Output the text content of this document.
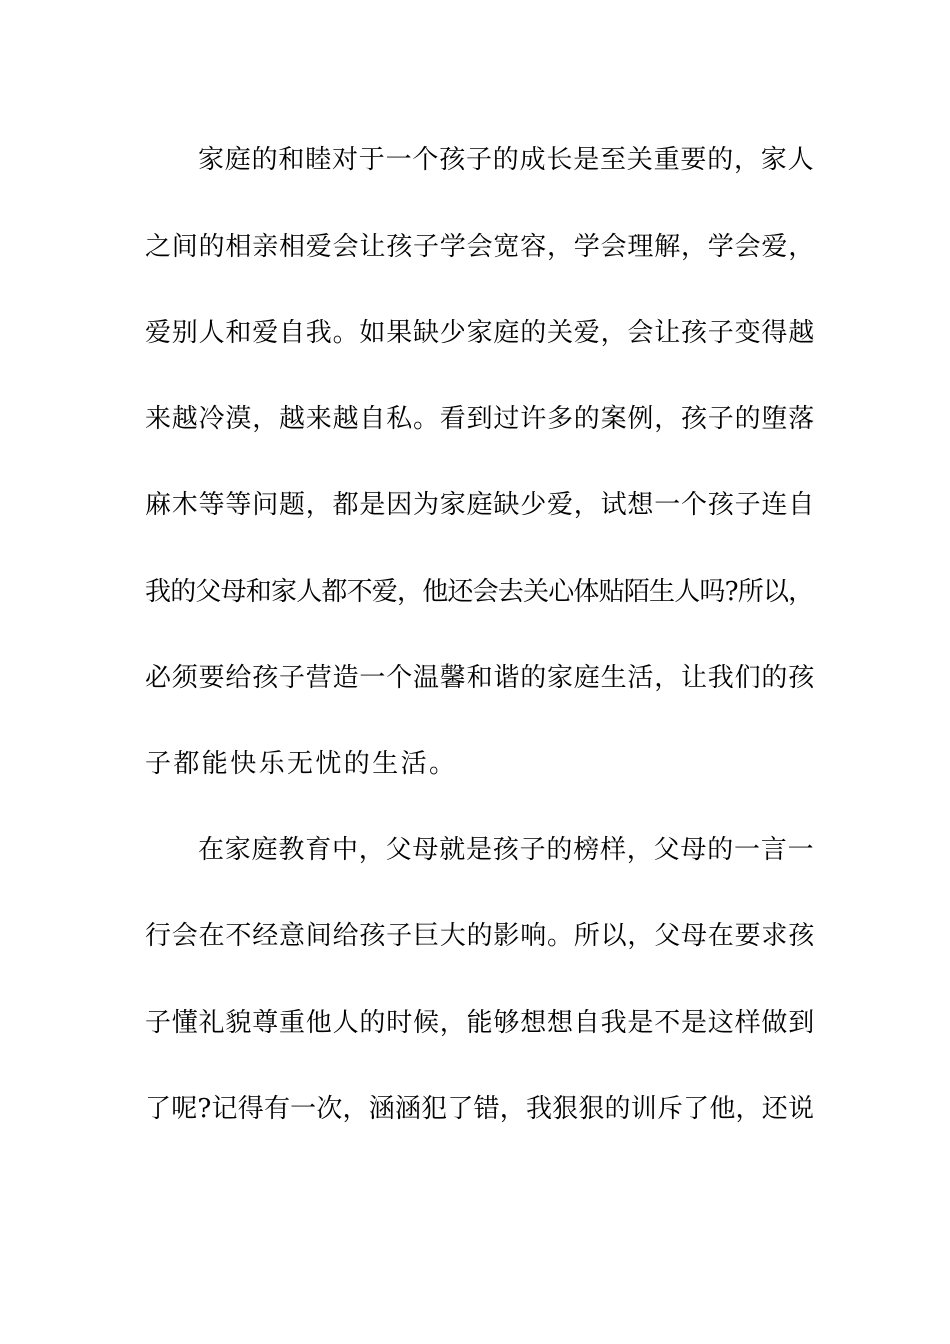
家庭的和睦对于一个孩子的成长是至关重要的，家人
之间的相亲相爱会让孩子学会宽容，学会理解，学会爱，
爱别人和爱自我。如果缺少家庭的关爱，会让孩子变得越
来越冷漠，越来越自私。看到过许多的案例，孩子的堕落
麻木等等问题，都是因为家庭缺少爱，试想一个孩子连自
我的父母和家人都不爱，他还会去关心体贴陌生人吗?所以，
必须要给孩子营造一个温馨和谐的家庭生活，让我们的孩
子都能快乐无忧的生活。
在家庭教育中，父母就是孩子的榜样，父母的一言一
行会在不经意间给孩子巨大的影响。所以，父母在要求孩
子懂礼貌尊重他人的时候，能够想想自我是不是这样做到
了呢?记得有一次，涵涵犯了错，我狠狠的训斥了他，还说
